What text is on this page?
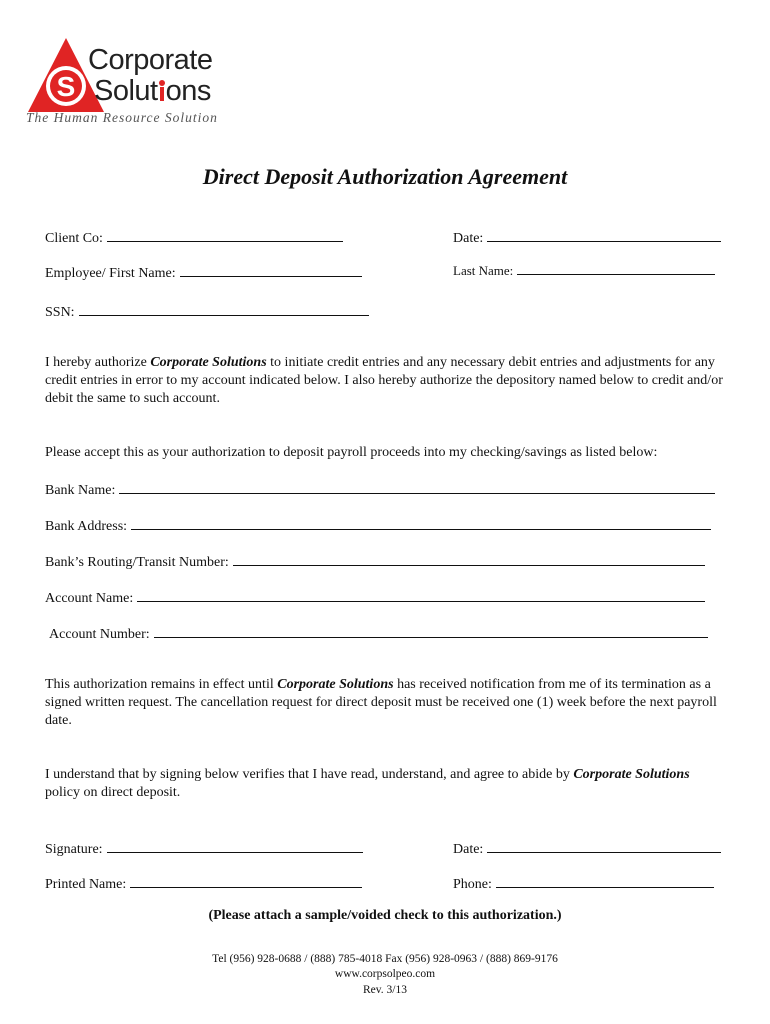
S
Corporate
Solut ons
The Human Resource Solution
Direct Deposit Authorization Agreement
Client Co:	Date:
Employee/ First Name:	Last Name:
SSN:
I hereby authorize Corporate Solutions to initiate credit entries and any necessary debit entries and adjustments for any credit entries in error to my account indicated below. I also hereby authorize the depository named below to credit and/or debit the same to such account.
Please accept this as your authorization to deposit payroll proceeds into my checking/savings as listed below:
Bank Name:
Bank Address:
Bank’s Routing/Transit Number:
Account Name:
Account Number:
This authorization remains in effect until Corporate Solutions has received notification from me of its termination as a signed written request. The cancellation request for direct deposit must be received one (1) week before the next payroll date.
I understand that by signing below verifies that I have read, understand, and agree to abide by Corporate Solutions policy on direct deposit.
Signature:	Date:
Printed Name:	Phone:
(Please attach a sample/voided check to this authorization.)
Tel (956) 928-0688 / (888) 785-4018 Fax (956) 928-0963 / (888) 869-9176
www.corpsolpeo.com
Rev. 3/13
